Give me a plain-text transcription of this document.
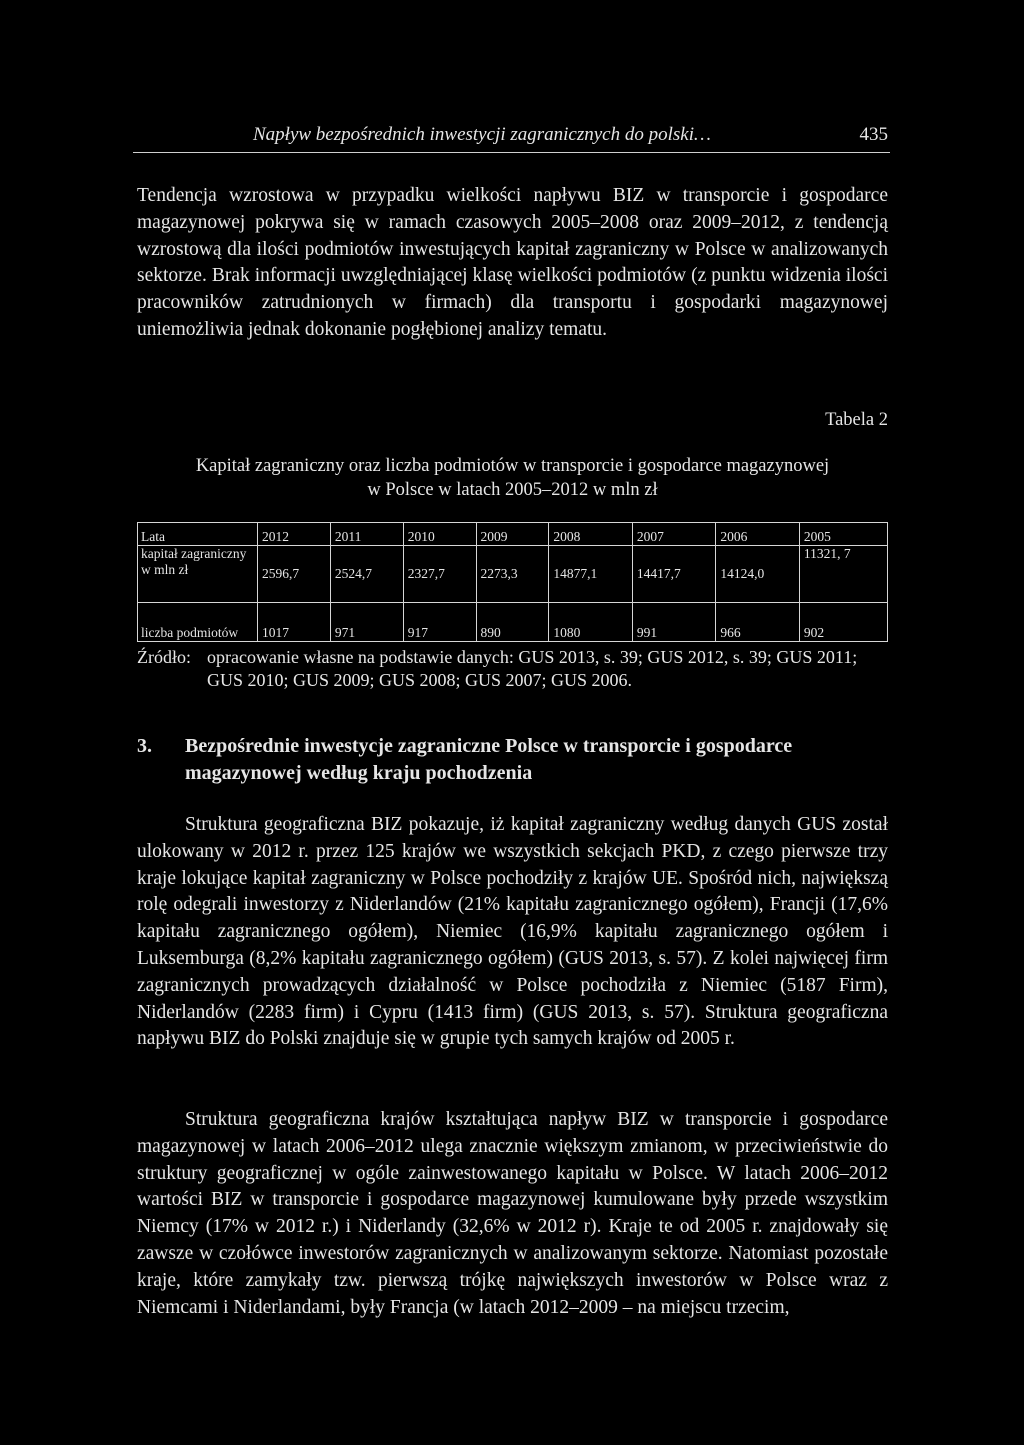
Napływ bezpośrednich inwestycji zagranicznych do polski…	435

Tendencja wzrostowa w przypadku wielkości napływu BIZ w transporcie i gospodarce magazynowej pokrywa się w ramach czasowych 2005–2008 oraz 2009–2012, z tendencją wzrostową dla ilości podmiotów inwestujących kapitał zagraniczny w Polsce w analizowanych sektorze. Brak informacji uwzględniającej klasę wielkości podmiotów (z punktu widzenia ilości pracowników zatrudnionych w firmach) dla transportu i gospodarki magazynowej uniemożliwia jednak dokonanie pogłębionej analizy tematu.

Tabela 2
Kapitał zagraniczny oraz liczba podmiotów w transporcie i gospodarce magazynowej
w Polsce w latach 2005–2012 w mln zł
Lata	2012	2011	2010	2009	2008	2007	2006	2005
kapitał zagraniczny w mln zł	2596,7	2524,7	2327,7	2273,3	14877,1	14417,7	14124,0	11321, 7
liczba podmiotów	1017	971	917	890	1080	991	966	902
Źródło: opracowanie własne na podstawie danych: GUS 2013, s. 39; GUS 2012, s. 39; GUS 2011; GUS 2010; GUS 2009; GUS 2008; GUS 2007; GUS 2006.
3. Bezpośrednie inwestycje zagraniczne Polsce w transporcie i gospodarce magazynowej według kraju pochodzenia

Struktura geograficzna BIZ pokazuje, iż kapitał zagraniczny według danych GUS został ulokowany w 2012 r. przez 125 krajów we wszystkich sekcjach PKD, z czego pierwsze trzy kraje lokujące kapitał zagraniczny w Polsce pochodziły z krajów UE. Spośród nich, największą rolę odegrali inwestorzy z Niderlandów (21% kapitału zagranicznego ogółem), Francji (17,6% kapitału zagranicznego ogółem), Niemiec (16,9% kapitału zagranicznego ogółem i Luksemburga (8,2% kapitału zagranicznego ogółem) (GUS 2013, s. 57). Z kolei najwięcej firm zagranicznych prowadzących działalność w Polsce pochodziła z Niemiec (5187 Firm), Niderlandów (2283 firm) i Cypru (1413 firm) (GUS 2013, s. 57). Struktura geograficzna napływu BIZ do Polski znajduje się w grupie tych samych krajów od 2005 r.

Struktura geograficzna krajów kształtująca napływ BIZ w transporcie i gospodarce magazynowej w latach 2006–2012 ulega znacznie większym zmianom, w przeciwieństwie do struktury geograficznej w ogóle zainwestowanego kapitału w Polsce. W latach 2006–2012 wartości BIZ w transporcie i gospodarce magazynowej kumulowane były przede wszystkim Niemcy (17% w 2012 r.) i Niderlandy (32,6% w 2012 r). Kraje te od 2005 r. znajdowały się zawsze w czołówce inwestorów zagranicznych w analizowanym sektorze. Natomiast pozostałe kraje, które zamykały tzw. pierwszą trójkę największych inwestorów w Polsce wraz z Niemcami i Niderlandami, były Francja (w latach 2012–2009 – na miejscu trzecim,
